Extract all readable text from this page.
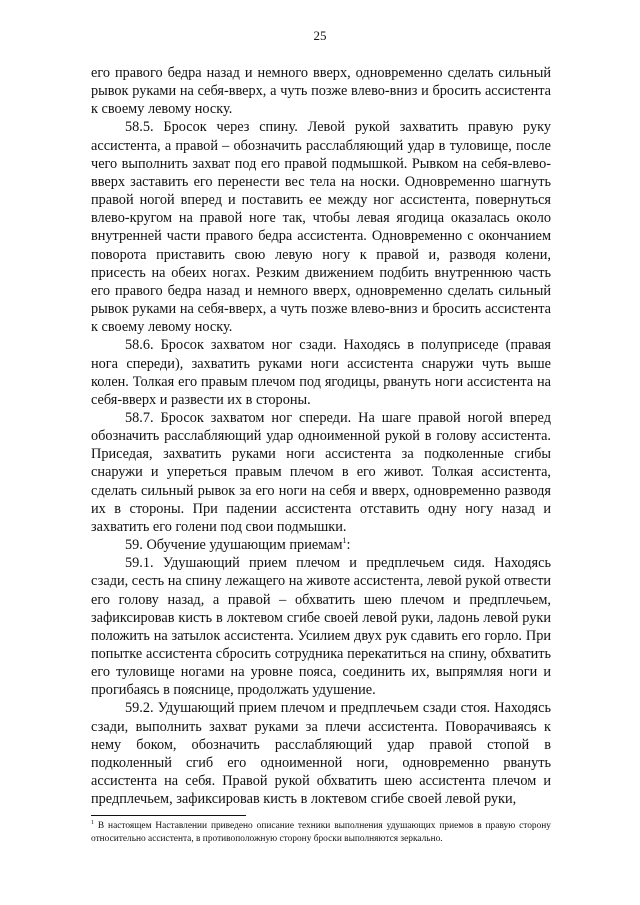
25

его правого бедра назад и немного вверх, одновременно сделать сильный рывок руками на себя-вверх, а чуть позже влево-вниз и бросить ассистента к своему левому носку.

58.5. Бросок через спину. Левой рукой захватить правую руку ассистента, а правой – обозначить расслабляющий удар в туловище, после чего выполнить захват под его правой подмышкой. Рывком на себя-влево-вверх заставить его перенести вес тела на носки. Одновременно шагнуть правой ногой вперед и поставить ее между ног ассистента, повернуться влево-кругом на правой ноге так, чтобы левая ягодица оказалась около внутренней части правого бедра ассистента. Одновременно с окончанием поворота приставить свою левую ногу к правой и, разводя колени, присесть на обеих ногах. Резким движением подбить внутреннюю часть его правого бедра назад и немного вверх, одновременно сделать сильный рывок руками на себя-вверх, а чуть позже влево-вниз и бросить ассистента к своему левому носку.

58.6. Бросок захватом ног сзади. Находясь в полуприседе (правая нога спереди), захватить руками ноги ассистента снаружи чуть выше колен. Толкая его правым плечом под ягодицы, рвануть ноги ассистента на себя-вверх и развести их в стороны.

58.7. Бросок захватом ног спереди. На шаге правой ногой вперед обозначить расслабляющий удар одноименной рукой в голову ассистента. Приседая, захватить руками ноги ассистента за подколенные сгибы снаружи и упереться правым плечом в его живот. Толкая ассистента, сделать сильный рывок за его ноги на себя и вверх, одновременно разводя их в стороны. При падении ассистента отставить одну ногу назад и захватить его голени под свои подмышки.

59. Обучение удушающим приемам$^1$:

59.1. Удушающий прием плечом и предплечьем сидя. Находясь сзади, сесть на спину лежащего на животе ассистента, левой рукой отвести его голову назад, а правой – обхватить шею плечом и предплечьем, зафиксировав кисть в локтевом сгибе своей левой руки, ладонь левой руки положить на затылок ассистента. Усилием двух рук сдавить его горло. При попытке ассистента сбросить сотрудника перекатиться на спину, обхватить его туловище ногами на уровне пояса, соединить их, выпрямляя ноги и прогибаясь в пояснице, продолжать удушение.

59.2. Удушающий прием плечом и предплечьем сзади стоя. Находясь сзади, выполнить захват руками за плечи ассистента. Поворачиваясь к нему боком, обозначить расслабляющий удар правой стопой в подколенный сгиб его одноименной ноги, одновременно рвануть ассистента на себя. Правой рукой обхватить шею ассистента плечом и предплечьем, зафиксировав кисть в локтевом сгибе своей левой руки,

$^1$ В настоящем Наставлении приведено описание техники выполнения удушающих приемов в правую сторону относительно ассистента, в противоположную сторону броски выполняются зеркально.
